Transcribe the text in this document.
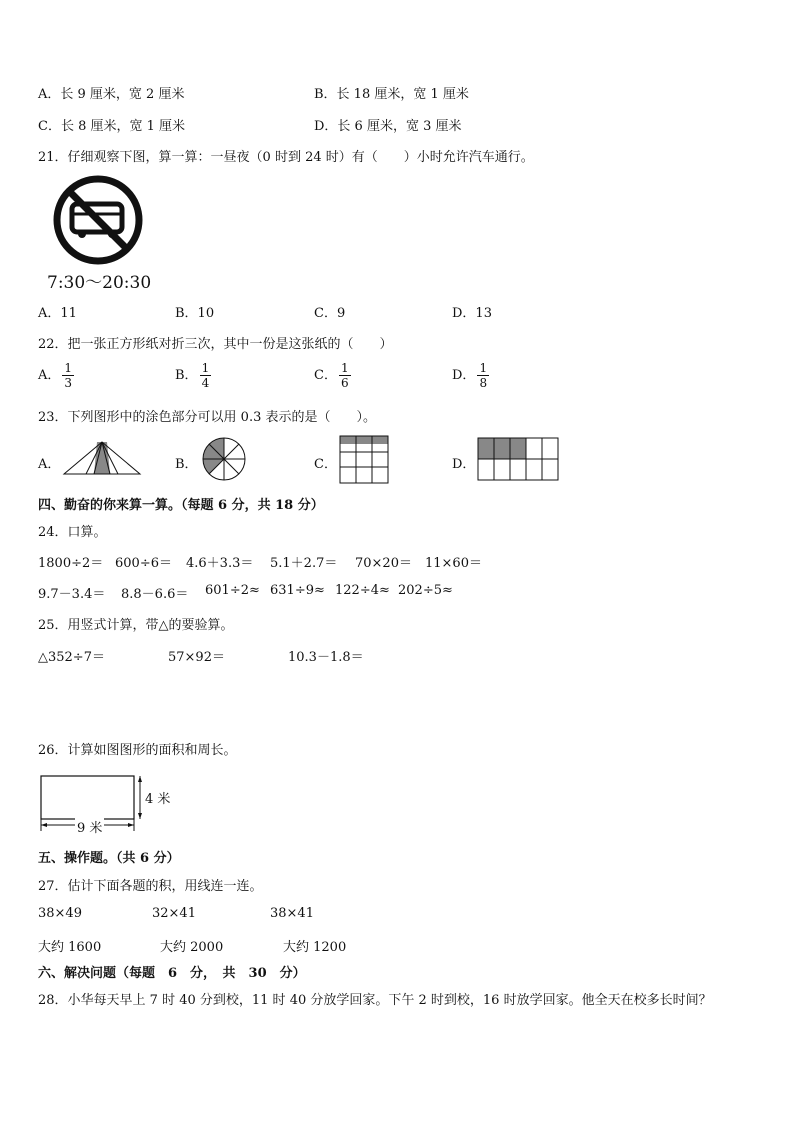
A．长 9 厘米，宽 2 厘米	B．长 18 厘米，宽 1 厘米
C．长 8 厘米，宽 1 厘米	D．长 6 厘米，宽 3 厘米
21．仔细观察下图，算一算：一昼夜（0 时到 24 时）有（　　）小时允许汽车通行。
7:30～20:30
A．11	B．10	C．9	D．13
22．把一张正方形纸对折三次，其中一份是这张纸的（　　）
A． $\frac{1}{3}$	B． $\frac{1}{4}$	C． $\frac{1}{6}$	D． $\frac{1}{8}$
23．下列图形中的涂色部分可以用 0.3 表示的是（　　）。
A．	B．	C．	D．
四、勤奋的你来算一算。（每题 6 分，共 18 分）
24．口算。
1800÷2＝ 600÷6＝ 4.6＋3.3＝ 5.1＋2.7＝ 70×20＝ 11×60＝
9.7－3.4＝ 8.8－6.6＝ 601÷2≈ 631÷9≈ 122÷4≈ 202÷5≈
25．用竖式计算，带△的要验算。
△352÷7＝	57×92＝	10.3－1.8＝
26．计算如图图形的面积和周长。
4 米
9 米
五、操作题。（共 6 分）
27．估计下面各题的积，用线连一连。
38×49	32×41	38×41
大约 1600	大约 2000	大约 1200
六、解决问题（每题　6　分，　共　30　分）
28．小华每天早上 7 时 40 分到校，11 时 40 分放学回家。下午 2 时到校，16 时放学回家。他全天在校多长时间？
